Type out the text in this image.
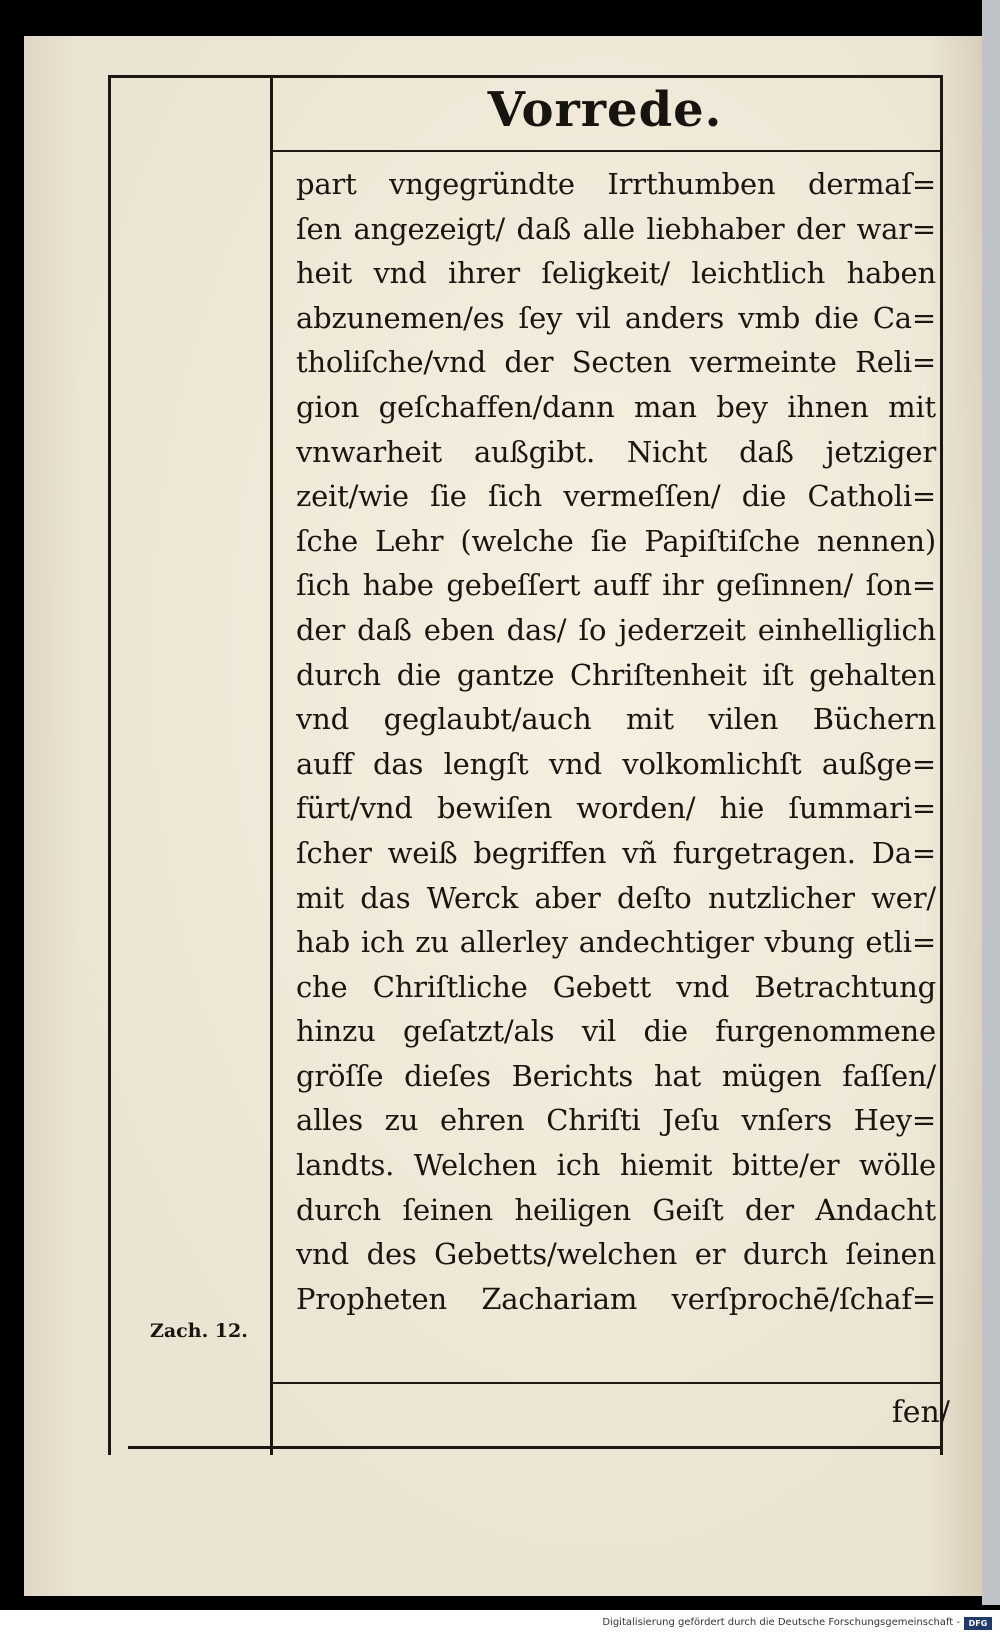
Vorrede.
part vngegründte Irrthumben dermaſ=
ſen angezeigt/ daß alle liebhaber der war=
heit vnd ihrer ſeligkeit/ leichtlich haben
abzunemen/es ſey vil anders vmb die Ca=
tholiſche/vnd der Secten vermeinte Reli=
gion geſchaffen/dann man bey ihnen mit
vnwarheit außgibt. Nicht daß jetziger
zeit/wie ſie ſich vermeſſen/ die Catholi=
ſche Lehr (welche ſie Papiſtiſche nennen)
ſich habe gebeſſert auff ihr geſinnen/ ſon=
der daß eben das/ ſo jederzeit einhelliglich
durch die gantze Chriſtenheit iſt gehalten
vnd geglaubt/auch mit vilen Büchern
auff das lengſt vnd volkomlichſt außge=
fürt/vnd bewiſen worden/ hie ſummari=
ſcher weiß begriffen vñ furgetragen. Da=
mit das Werck aber deſto nutzlicher wer/
hab ich zu allerley andechtiger vbung etli=
che Chriſtliche Gebett vnd Betrachtung
hinzu geſatzt/als vil die furgenommene
gröſſe dieſes Berichts hat mügen faſſen/
alles zu ehren Chriſti Jeſu vnſers Hey=
landts. Welchen ich hiemit bitte/er wölle
durch ſeinen heiligen Geiſt der Andacht
vnd des Gebetts/welchen er durch ſeinen
Propheten Zachariam verſprochē/ſchaf=
Zach. 12.
fen/
Digitalisierung gefördert durch die Deutsche Forschungsgemeinschaft -	DFG
